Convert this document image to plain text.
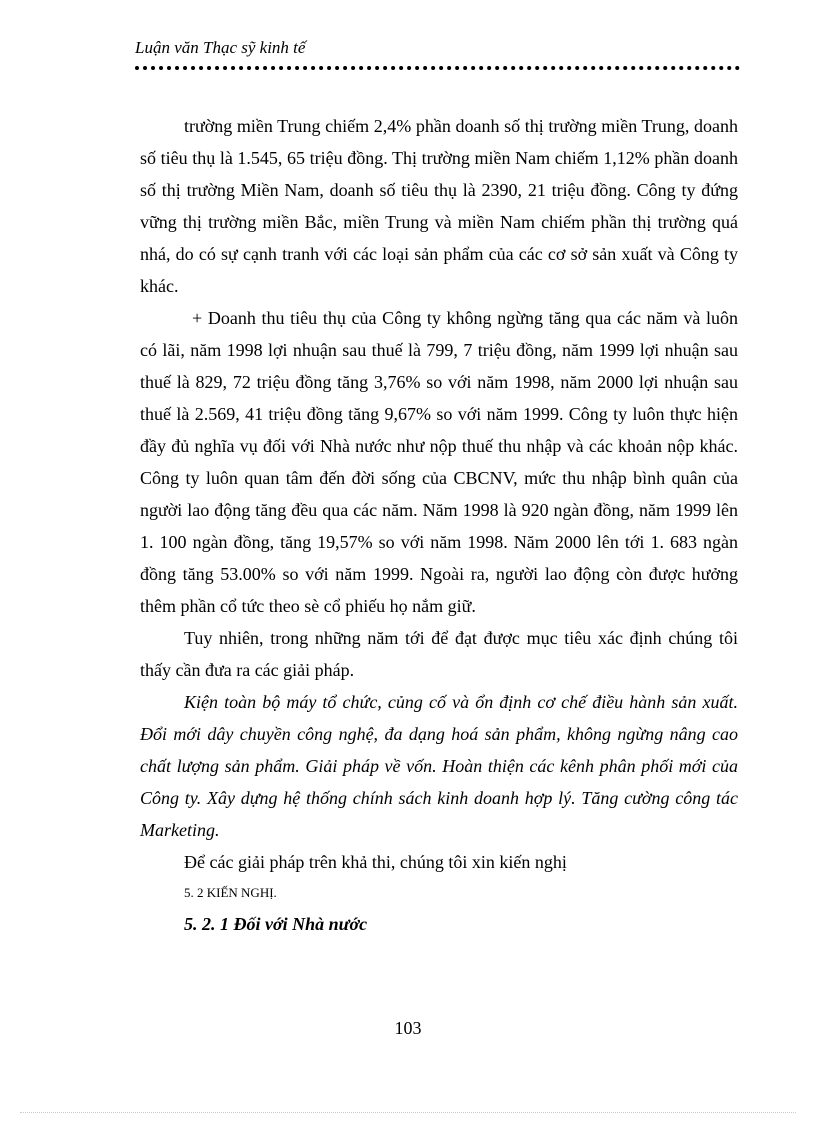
Luận văn Thạc sỹ kinh tế

trường miền Trung chiếm 2,4% phần doanh số thị trường miền Trung, doanh số tiêu thụ là 1.545, 65 triệu đồng. Thị trường miền Nam chiếm 1,12% phần doanh số thị trường Miền Nam, doanh số tiêu thụ là 2390, 21 triệu đồng. Công ty đứng vững thị trường miền Bắc, miền Trung và miền Nam chiếm phần thị trường quá nhá, do có sự cạnh tranh với các loại sản phẩm của các cơ sở sản xuất và Công ty khác.

+ Doanh thu tiêu thụ của Công ty không ngừng tăng qua các năm và luôn có lãi, năm 1998 lợi nhuận sau thuế là 799, 7 triệu đồng, năm 1999 lợi nhuận sau thuế là 829, 72 triệu đồng tăng 3,76% so với năm 1998, năm 2000 lợi nhuận sau thuế là 2.569, 41 triệu đồng tăng 9,67% so với năm 1999. Công ty luôn thực hiện đầy đủ nghĩa vụ đối với Nhà nước như nộp thuế thu nhập và các khoản nộp khác. Công ty luôn quan tâm đến đời sống của CBCNV, mức thu nhập bình quân của người lao động tăng đều qua các năm. Năm 1998 là 920 ngàn đồng, năm 1999 lên 1. 100 ngàn đồng, tăng 19,57% so với năm 1998. Năm 2000 lên tới 1. 683 ngàn đồng tăng 53.00% so với năm 1999. Ngoài ra, người lao động còn được hưởng thêm phần cổ tức theo sè cổ phiếu họ nắm giữ.

Tuy nhiên, trong những năm tới để đạt được mục tiêu xác định chúng tôi thấy cần đưa ra các giải pháp.

Kiện toàn bộ máy tổ chức, củng cố và ổn định cơ chế điều hành sản xuất. Đổi mới dây chuyền công nghệ, đa dạng hoá sản phẩm, không ngừng nâng cao chất lượng sản phẩm. Giải pháp về vốn. Hoàn thiện các kênh phân phối mới của Công ty. Xây dựng hệ thống chính sách kinh doanh hợp lý. Tăng cường công tác Marketing.

Để các giải pháp trên khả thi, chúng tôi xin kiến nghị

5. 2 KIẾN NGHỊ.

5. 2. 1 Đối với Nhà nước

103
